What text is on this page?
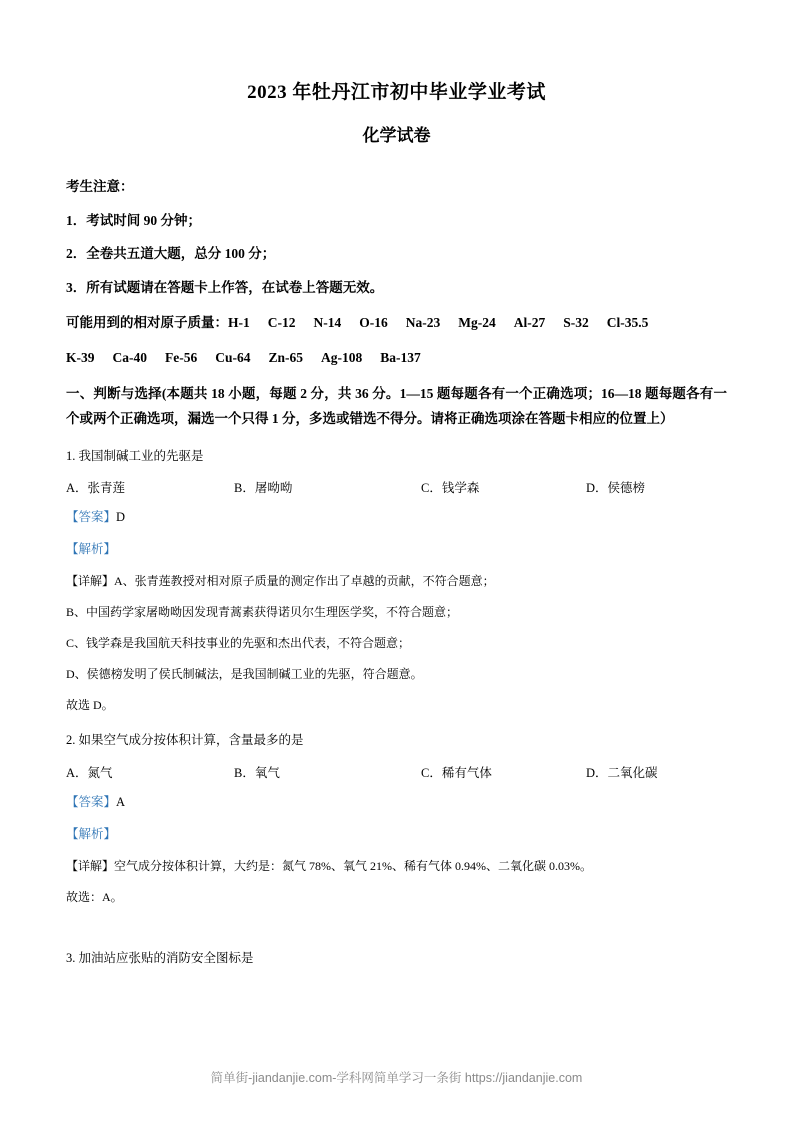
2023 年牡丹江市初中毕业学业考试
化学试卷
考生注意：
1．考试时间 90 分钟；
2．全卷共五道大题，总分 100 分；
3．所有试题请在答题卡上作答，在试卷上答题无效。
可能用到的相对原子质量：H-1 C-12 N-14 O-16 Na-23 Mg-24 Al-27 S-32 Cl-35.5
K-39 Ca-40 Fe-56 Cu-64 Zn-65 Ag-108 Ba-137
一、判断与选择(本题共 18 小题，每题 2 分，共 36 分。1—15 题每题各有一个正确选项；16—18 题每题各有一个或两个正确选项，漏选一个只得 1 分，多选或错选不得分。请将正确选项涂在答题卡相应的位置上）
1. 我国制碱工业的先驱是
A．张青莲	B．屠呦呦	C．钱学森	D．侯德榜
【答案】D
【解析】
【详解】A、张青莲教授对相对原子质量的测定作出了卓越的贡献，不符合题意；
B、中国药学家屠呦呦因发现青蒿素获得诺贝尔生理医学奖，不符合题意；
C、钱学森是我国航天科技事业的先驱和杰出代表，不符合题意；
D、侯德榜发明了侯氏制碱法，是我国制碱工业的先驱，符合题意。
故选 D。
2. 如果空气成分按体积计算，含量最多的是
A．氮气	B．氧气	C．稀有气体	D．二氧化碳
【答案】A
【解析】
【详解】空气成分按体积计算，大约是：氮气 78%、氧气 21%、稀有气体 0.94%、二氧化碳 0.03%。
故选：A。
3. 加油站应张贴的消防安全图标是
简单街-jiandanjie.com-学科网简单学习一条街 https://jiandanjie.com
